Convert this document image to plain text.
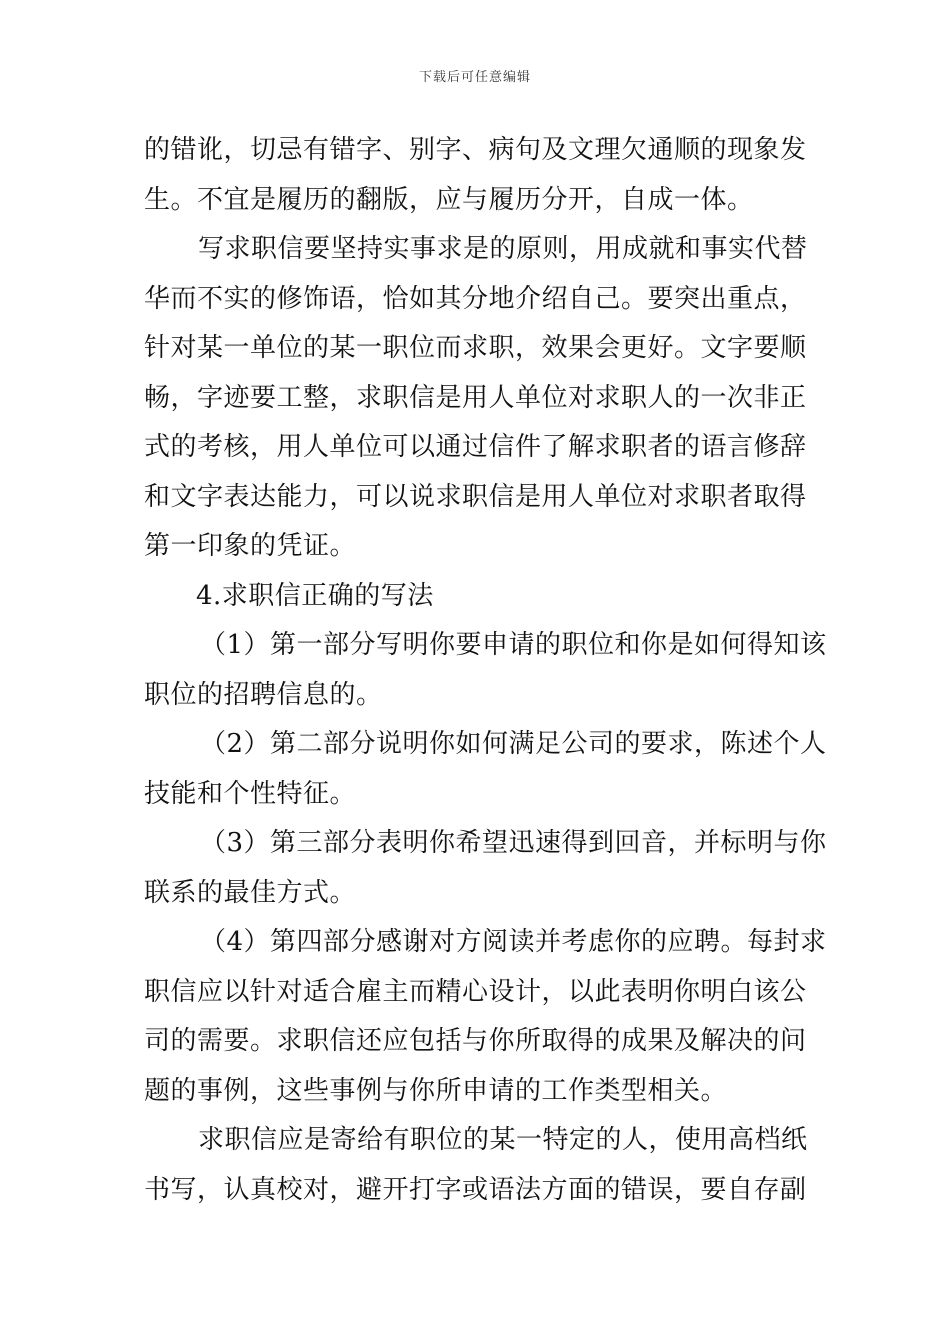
下载后可任意编辑
的错讹，切忌有错字、别字、病句及文理欠通顺的现象发
生。不宜是履历的翻版，应与履历分开，自成一体。
写求职信要坚持实事求是的原则，用成就和事实代替
华而不实的修饰语，恰如其分地介绍自己。要突出重点，
针对某一单位的某一职位而求职，效果会更好。文字要顺
畅，字迹要工整，求职信是用人单位对求职人的一次非正
式的考核，用人单位可以通过信件了解求职者的语言修辞
和文字表达能力，可以说求职信是用人单位对求职者取得
第一印象的凭证。
4.求职信正确的写法
（1）第一部分写明你要申请的职位和你是如何得知该
职位的招聘信息的。
（2）第二部分说明你如何满足公司的要求，陈述个人
技能和个性特征。
（3）第三部分表明你希望迅速得到回音，并标明与你
联系的最佳方式。
（4）第四部分感谢对方阅读并考虑你的应聘。每封求
职信应以针对适合雇主而精心设计，以此表明你明白该公
司的需要。求职信还应包括与你所取得的成果及解决的问
题的事例，这些事例与你所申请的工作类型相关。
求职信应是寄给有职位的某一特定的人，使用高档纸
书写，认真校对，避开打字或语法方面的错误，要自存副
